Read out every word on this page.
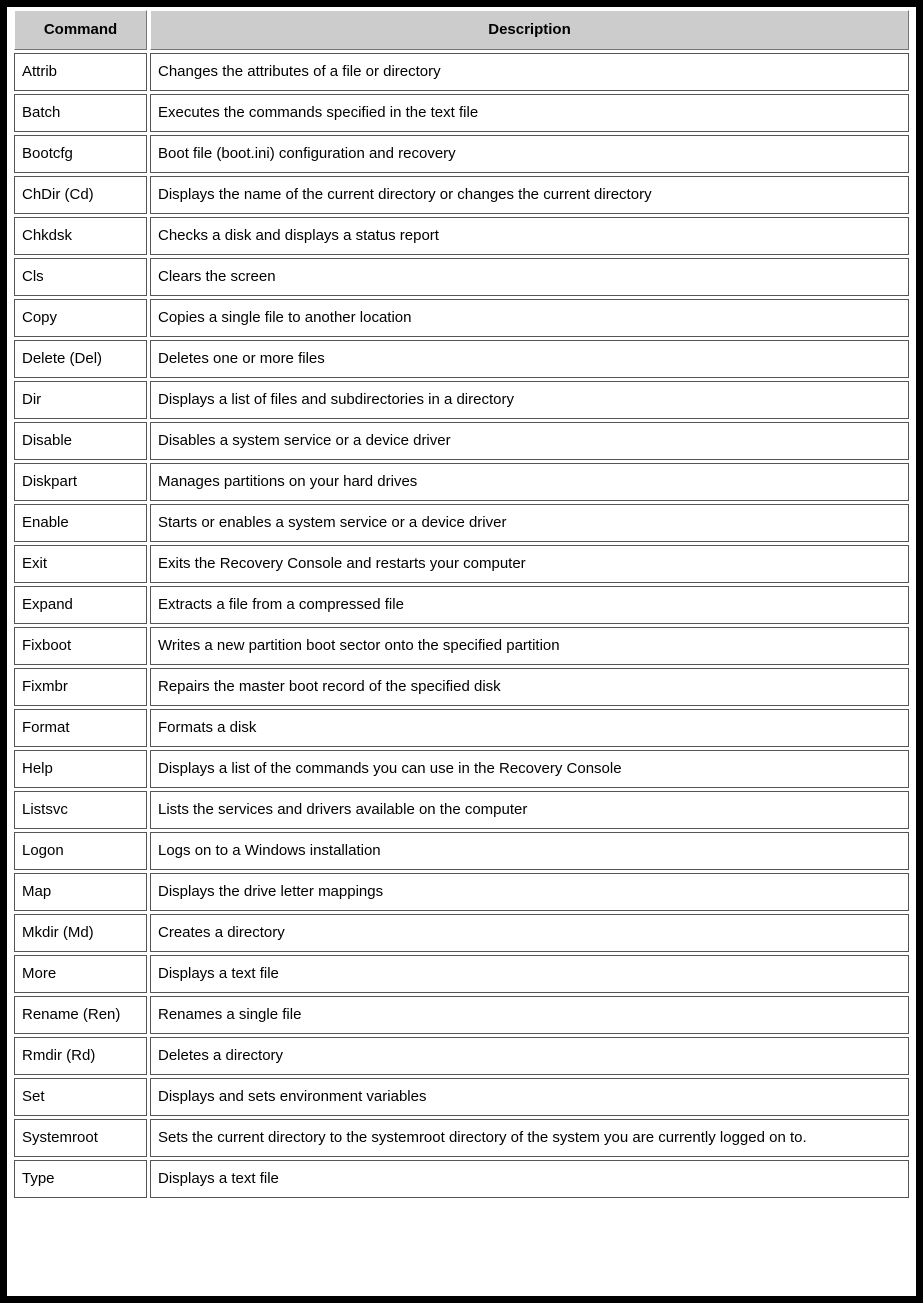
Command	Description
Attrib	Changes the attributes of a file or directory
Batch	Executes the commands specified in the text file
Bootcfg	Boot file (boot.ini) configuration and recovery
ChDir (Cd)	Displays the name of the current directory or changes the current directory
Chkdsk	Checks a disk and displays a status report
Cls	Clears the screen
Copy	Copies a single file to another location
Delete (Del)	Deletes one or more files
Dir	Displays a list of files and subdirectories in a directory
Disable	Disables a system service or a device driver
Diskpart	Manages partitions on your hard drives
Enable	Starts or enables a system service or a device driver
Exit	Exits the Recovery Console and restarts your computer
Expand	Extracts a file from a compressed file
Fixboot	Writes a new partition boot sector onto the specified partition
Fixmbr	Repairs the master boot record of the specified disk
Format	Formats a disk
Help	Displays a list of the commands you can use in the Recovery Console
Listsvc	Lists the services and drivers available on the computer
Logon	Logs on to a Windows installation
Map	Displays the drive letter mappings
Mkdir (Md)	Creates a directory
More	Displays a text file
Rename (Ren)	Renames a single file
Rmdir (Rd)	Deletes a directory
Set	Displays and sets environment variables
Systemroot	Sets the current directory to the systemroot directory of the system you are currently logged on to.
Type	Displays a text file
